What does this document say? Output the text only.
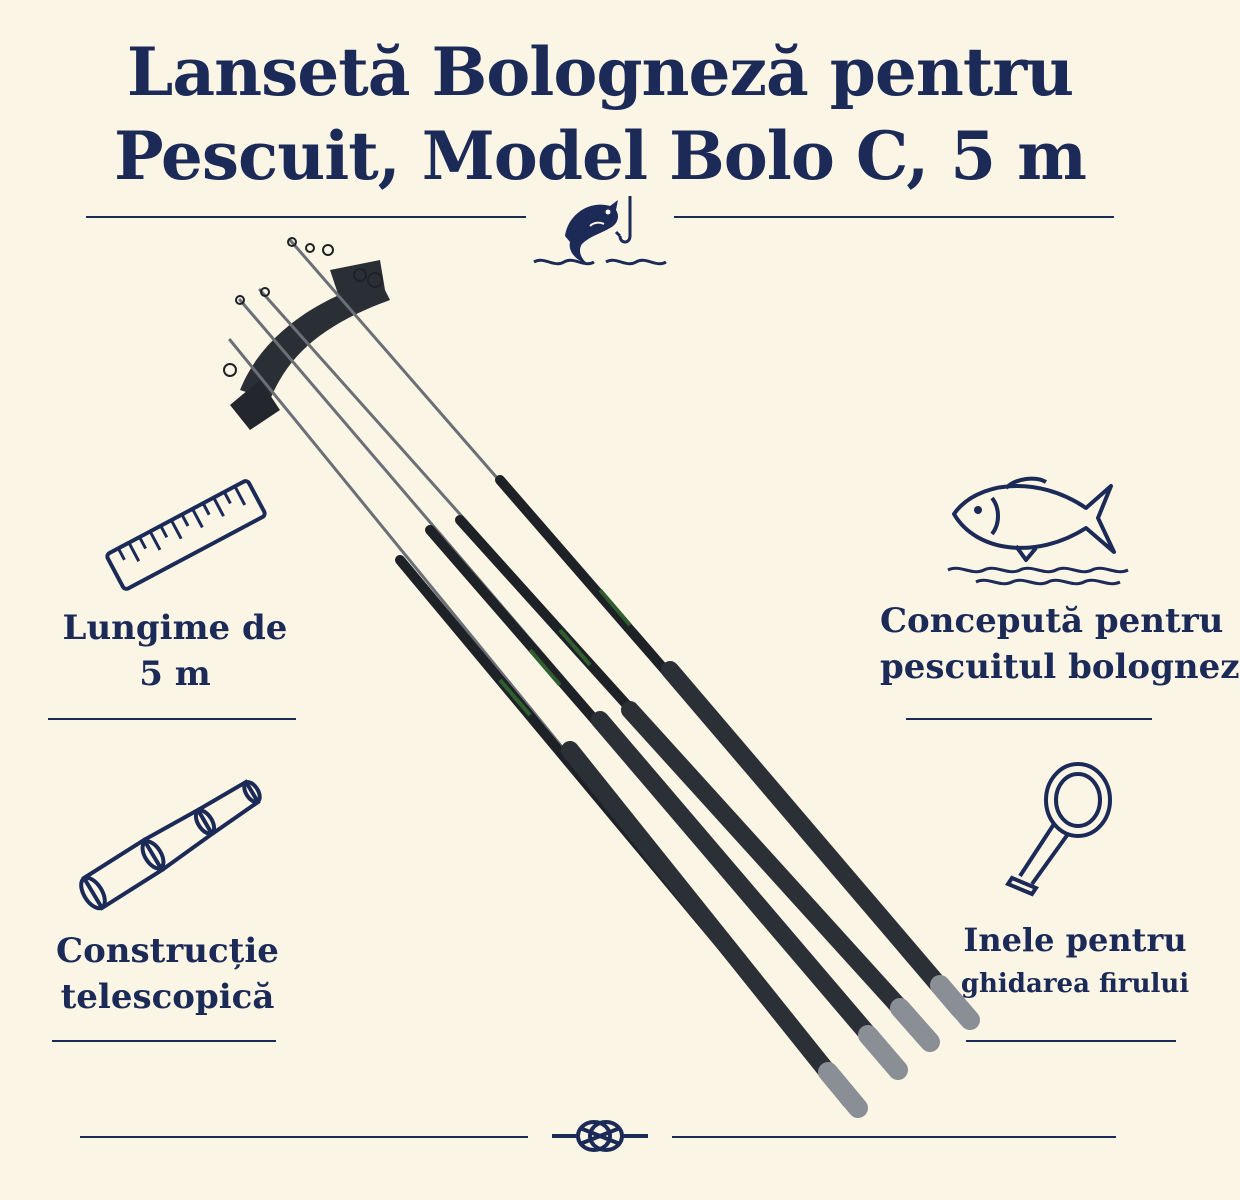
Lansetă Bologneză pentru
Pescuit, Model Bolo C, 5 m
Lungime de
5 m
Construcție
telescopică
Concepută pentru
pescuitul bolognez
Inele pentru
ghidarea firului
